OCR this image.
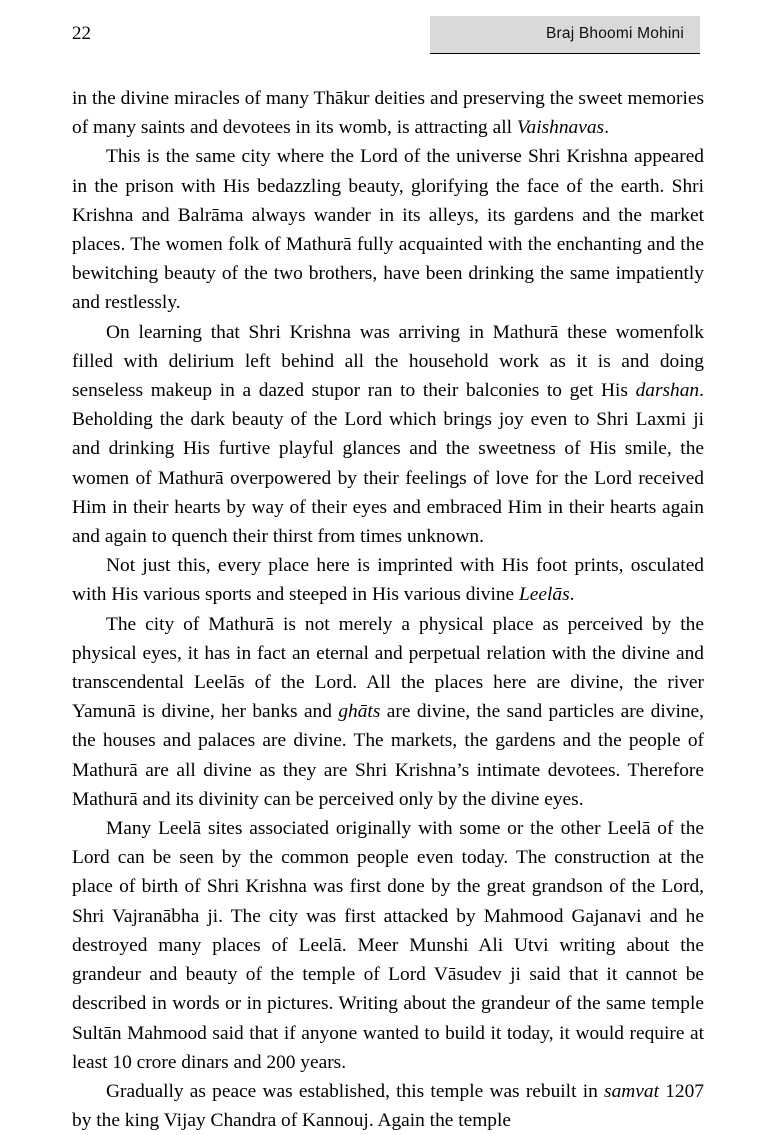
22	Braj Bhoomi Mohini

in the divine miracles of many Thākur deities and preserving the sweet memories of many saints and devotees in its womb, is attracting all Vaishnavas.

This is the same city where the Lord of the universe Shri Krishna appeared in the prison with His bedazzling beauty, glorifying the face of the earth. Shri Krishna and Balrāma always wander in its alleys, its gardens and the market places. The women folk of Mathurā fully acquainted with the enchanting and the bewitching beauty of the two brothers, have been drinking the same impatiently and restlessly.

On learning that Shri Krishna was arriving in Mathurā these womenfolk filled with delirium left behind all the household work as it is and doing senseless makeup in a dazed stupor ran to their balconies to get His darshan. Beholding the dark beauty of the Lord which brings joy even to Shri Laxmi ji and drinking His furtive playful glances and the sweetness of His smile, the women of Mathurā overpowered by their feelings of love for the Lord received Him in their hearts by way of their eyes and embraced Him in their hearts again and again to quench their thirst from times unknown.

Not just this, every place here is imprinted with His foot prints, osculated with His various sports and steeped in His various divine Leelās.

The city of Mathurā is not merely a physical place as perceived by the physical eyes, it has in fact an eternal and perpetual relation with the divine and transcendental Leelās of the Lord. All the places here are divine, the river Yamunā is divine, her banks and ghāts are divine, the sand particles are divine, the houses and palaces are divine. The markets, the gardens and the people of Mathurā are all divine as they are Shri Krishna’s intimate devotees. Therefore Mathurā and its divinity can be perceived only by the divine eyes.

Many Leelā sites associated originally with some or the other Leelā of the Lord can be seen by the common people even today. The construction at the place of birth of Shri Krishna was first done by the great grandson of the Lord, Shri Vajranābha ji. The city was first attacked by Mahmood Gajanavi and he destroyed many places of Leelā. Meer Munshi Ali Utvi writing about the grandeur and beauty of the temple of Lord Vāsudev ji said that it cannot be described in words or in pictures. Writing about the grandeur of the same temple Sultān Mahmood said that if anyone wanted to build it today, it would require at least 10 crore dinars and 200 years.

Gradually as peace was established, this temple was rebuilt in samvat 1207 by the king Vijay Chandra of Kannouj. Again the temple
